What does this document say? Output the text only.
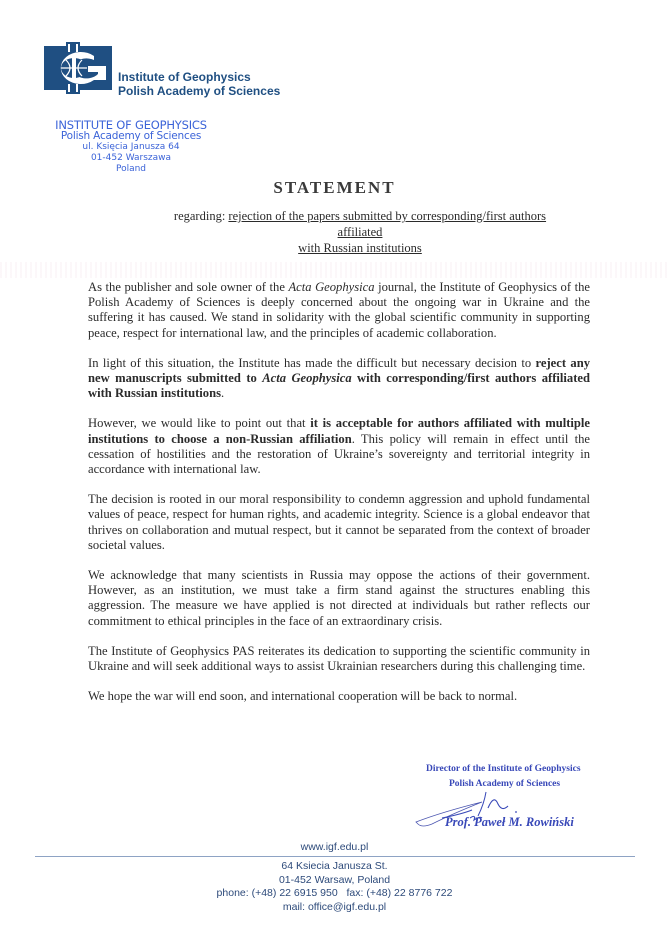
Institute of Geophysics
Polish Academy of Sciences
INSTITUTE OF GEOPHYSICS
Polish Academy of Sciences
ul. Księcia Janusza 64
01-452 Warszawa
Poland
STATEMENT
regarding: rejection of the papers submitted by corresponding/first authors affiliated
with Russian institutions

As the publisher and sole owner of the Acta Geophysica journal, the Institute of Geophysics of the Polish Academy of Sciences is deeply concerned about the ongoing war in Ukraine and the suffering it has caused. We stand in solidarity with the global scientific community in supporting peace, respect for international law, and the principles of academic collaboration.

In light of this situation, the Institute has made the difficult but necessary decision to reject any new manuscripts submitted to Acta Geophysica with corresponding/first authors affiliated with Russian institutions.

However, we would like to point out that it is acceptable for authors affiliated with multiple institutions to choose a non-Russian affiliation. This policy will remain in effect until the cessation of hostilities and the restoration of Ukraine’s sovereignty and territorial integrity in accordance with international law.

The decision is rooted in our moral responsibility to condemn aggression and uphold fundamental values of peace, respect for human rights, and academic integrity. Science is a global endeavor that thrives on collaboration and mutual respect, but it cannot be separated from the context of broader societal values.

We acknowledge that many scientists in Russia may oppose the actions of their government. However, as an institution, we must take a firm stand against the structures enabling this aggression. The measure we have applied is not directed at individuals but rather reflects our commitment to ethical principles in the face of an extraordinary crisis.

The Institute of Geophysics PAS reiterates its dedication to supporting the scientific community in Ukraine and will seek additional ways to assist Ukrainian researchers during this challenging time.

We hope the war will end soon, and international cooperation will be back to normal.

Director of the Institute of Geophysics
Polish Academy of Sciences
Prof. Paweł M. Rowiński
www.igf.edu.pl
64 Ksiecia Janusza St.
01-452 Warsaw, Poland
phone: (+48) 22 6915 950 fax: (+48) 22 8776 722
mail: office@igf.edu.pl
